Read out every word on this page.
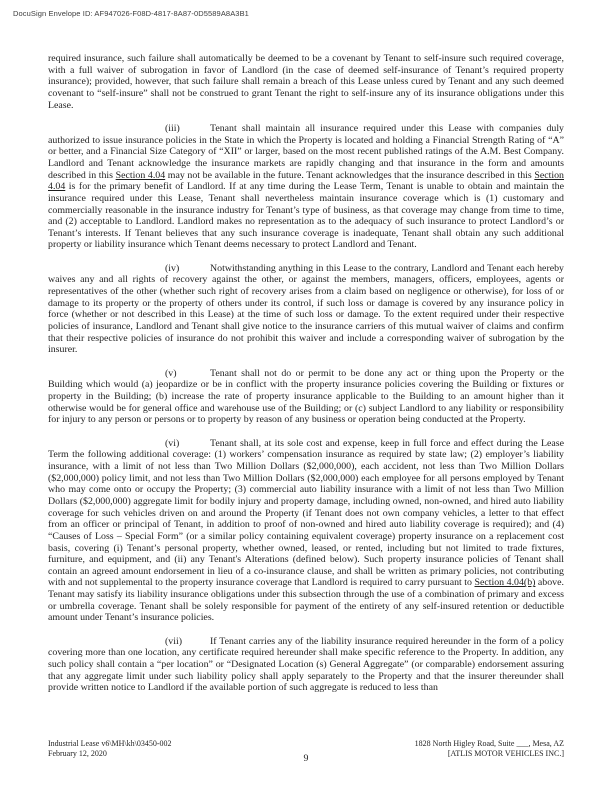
DocuSign Envelope ID: AF947026-F08D-4817-8A87-0D5589A8A3B1

required insurance, such failure shall automatically be deemed to be a covenant by Tenant to self-insure such required coverage, with a full waiver of subrogation in favor of Landlord (in the case of deemed self-insurance of Tenant’s required property insurance); provided, however, that such failure shall remain a breach of this Lease unless cured by Tenant and any such deemed covenant to “self-insure” shall not be construed to grant Tenant the right to self-insure any of its insurance obligations under this Lease.

(iii)	Tenant shall maintain all insurance required under this Lease with companies duly authorized to issue insurance policies in the State in which the Property is located and holding a Financial Strength Rating of “A” or better, and a Financial Size Category of “XII” or larger, based on the most recent published ratings of the A.M. Best Company. Landlord and Tenant acknowledge the insurance markets are rapidly changing and that insurance in the form and amounts described in this Section 4.04 may not be available in the future. Tenant acknowledges that the insurance described in this Section 4.04 is for the primary benefit of Landlord. If at any time during the Lease Term, Tenant is unable to obtain and maintain the insurance required under this Lease, Tenant shall nevertheless maintain insurance coverage which is (1) customary and commercially reasonable in the insurance industry for Tenant’s type of business, as that coverage may change from time to time, and (2) acceptable to Landlord. Landlord makes no representation as to the adequacy of such insurance to protect Landlord’s or Tenant’s interests. If Tenant believes that any such insurance coverage is inadequate, Tenant shall obtain any such additional property or liability insurance which Tenant deems necessary to protect Landlord and Tenant.

(iv)	Notwithstanding anything in this Lease to the contrary, Landlord and Tenant each hereby waives any and all rights of recovery against the other, or against the members, managers, officers, employees, agents or representatives of the other (whether such right of recovery arises from a claim based on negligence or otherwise), for loss of or damage to its property or the property of others under its control, if such loss or damage is covered by any insurance policy in force (whether or not described in this Lease) at the time of such loss or damage. To the extent required under their respective policies of insurance, Landlord and Tenant shall give notice to the insurance carriers of this mutual waiver of claims and confirm that their respective policies of insurance do not prohibit this waiver and include a corresponding waiver of subrogation by the insurer.

(v)	Tenant shall not do or permit to be done any act or thing upon the Property or the Building which would (a) jeopardize or be in conflict with the property insurance policies covering the Building or fixtures or property in the Building; (b) increase the rate of property insurance applicable to the Building to an amount higher than it otherwise would be for general office and warehouse use of the Building; or (c) subject Landlord to any liability or responsibility for injury to any person or persons or to property by reason of any business or operation being conducted at the Property.

(vi)	Tenant shall, at its sole cost and expense, keep in full force and effect during the Lease Term the following additional coverage: (1) workers’ compensation insurance as required by state law; (2) employer’s liability insurance, with a limit of not less than Two Million Dollars ($2,000,000), each accident, not less than Two Million Dollars ($2,000,000) policy limit, and not less than Two Million Dollars ($2,000,000) each employee for all persons employed by Tenant who may come onto or occupy the Property; (3) commercial auto liability insurance with a limit of not less than Two Million Dollars ($2,000,000) aggregate limit for bodily injury and property damage, including owned, non-owned, and hired auto liability coverage for such vehicles driven on and around the Property (if Tenant does not own company vehicles, a letter to that effect from an officer or principal of Tenant, in addition to proof of non-owned and hired auto liability coverage is required); and (4) “Causes of Loss – Special Form” (or a similar policy containing equivalent coverage) property insurance on a replacement cost basis, covering (i) Tenant’s personal property, whether owned, leased, or rented, including but not limited to trade fixtures, furniture, and equipment, and (ii) any Tenant's Alterations (defined below). Such property insurance policies of Tenant shall contain an agreed amount endorsement in lieu of a co-insurance clause, and shall be written as primary policies, not contributing with and not supplemental to the property insurance coverage that Landlord is required to carry pursuant to Section 4.04(b) above. Tenant may satisfy its liability insurance obligations under this subsection through the use of a combination of primary and excess or umbrella coverage. Tenant shall be solely responsible for payment of the entirety of any self-insured retention or deductible amount under Tenant’s insurance policies.

(vii)	If Tenant carries any of the liability insurance required hereunder in the form of a policy covering more than one location, any certificate required hereunder shall make specific reference to the Property. In addition, any such policy shall contain a “per location” or “Designated Location (s) General Aggregate” (or comparable) endorsement assuring that any aggregate limit under such liability policy shall apply separately to the Property and that the insurer thereunder shall provide written notice to Landlord if the available portion of such aggregate is reduced to less than

Industrial Lease v6\MH\kh\03450-002
February 12, 2020
1828 North Higley Road, Suite ___, Mesa, AZ
[ATLIS MOTOR VEHICLES INC.]
9
